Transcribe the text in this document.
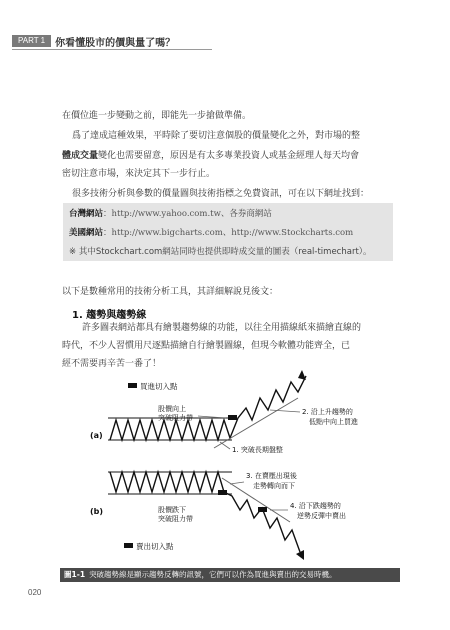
PART 1	你看懂股市的價與量了嗎？

在價位進一步變動之前，即能先一步搶做準備。

爲了達成這種效果，平時除了要切注意個股的價量變化之外，對市場的整

體成交量變化也需要留意，原因是有太多專業投資人或基金經理人每天均會

密切注意市場，來決定其下一步行止。

很多技術分析與參數的價量圖與技術指標之免費資訊，可在以下網址找到：

台灣網站：http://www.yahoo.com.tw、各券商網站
美國網站：http://www.bigcharts.com、http://www.Stockcharts.com
※ 其中Stockchart.com網站同時也提供即時成交量的圖表（real-timechart）。

以下是數種常用的技術分析工具，其詳細解說見後文：

1. 趨勢與趨勢線

許多圖表網站都具有繪製趨勢線的功能，以往全用描線紙來描繪直線的

時代，不少人習慣用尺逐點描繪自行繪製圖線，但現今軟體功能齊全，已

經不需要再辛苦一番了！

買進切入點
(a)
股價向上
突破阻力帶
2. 沿上升趨勢的
低點中向上買進
1. 突破長期盤整
(b)
3. 在賣壓出現後
走勢轉向而下
股價跌下
突破阻力帶
4. 沿下跌趨勢的
逆勢反彈中賣出
賣出切入點
圖1-1 突破趨勢線是顯示趨勢反轉的訊號，它們可以作為買進與賣出的交易時機。
020
